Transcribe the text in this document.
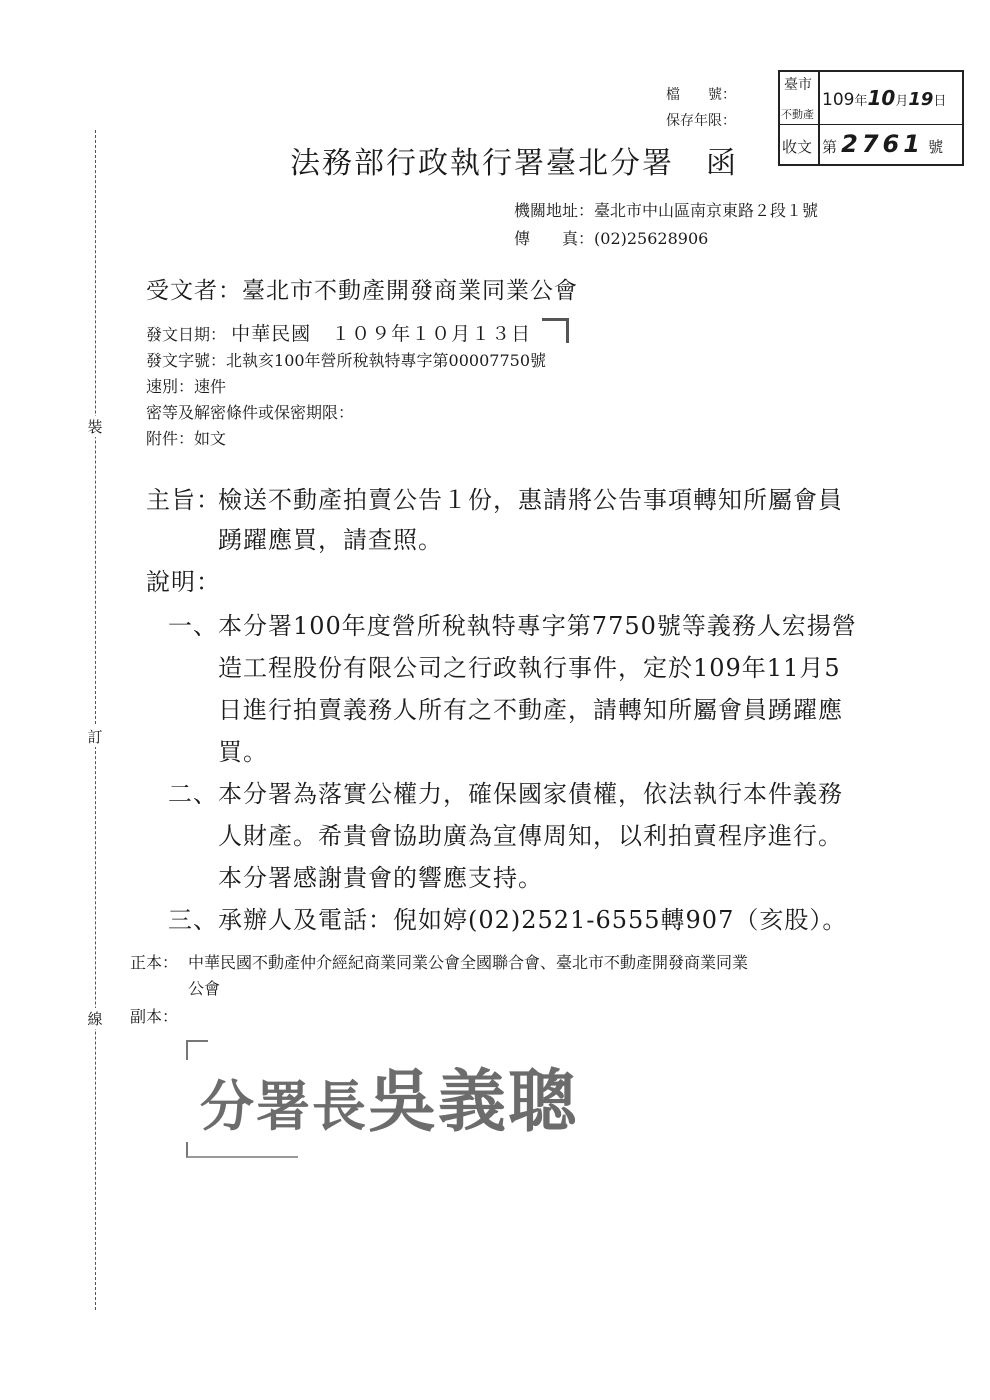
裝
訂
線
檔　　號：
保存年限：
臺市
不動產
收文
109年10月19日
第 2761 號
法務部行政執行署臺北分署　函
機關地址：臺北市中山區南京東路２段１號
傳　　真：(02)25628906
受文者：臺北市不動產開發商業同業公會
發文日期： 中華民國　１０９年１０月１３日
發文字號：北執亥100年營所稅執特專字第00007750號
速別：速件
密等及解密條件或保密期限：
附件：如文
主旨：
檢送不動產拍賣公告１份，惠請將公告事項轉知所屬會員
踴躍應買，請查照。
說明：
一、 本分署100年度營所稅執特專字第7750號等義務人宏揚營
造工程股份有限公司之行政執行事件，定於109年11月5
日進行拍賣義務人所有之不動產，請轉知所屬會員踴躍應
買。
二、 本分署為落實公權力，確保國家債權，依法執行本件義務
人財產。希貴會協助廣為宣傳周知，以利拍賣程序進行。
本分署感謝貴會的響應支持。
三、 承辦人及電話：倪如婷(02)2521-6555轉907（亥股）。
正本： 中華民國不動產仲介經紀商業同業公會全國聯合會、臺北市不動產開發商業同業
公會
副本：
分署長吳義聰
